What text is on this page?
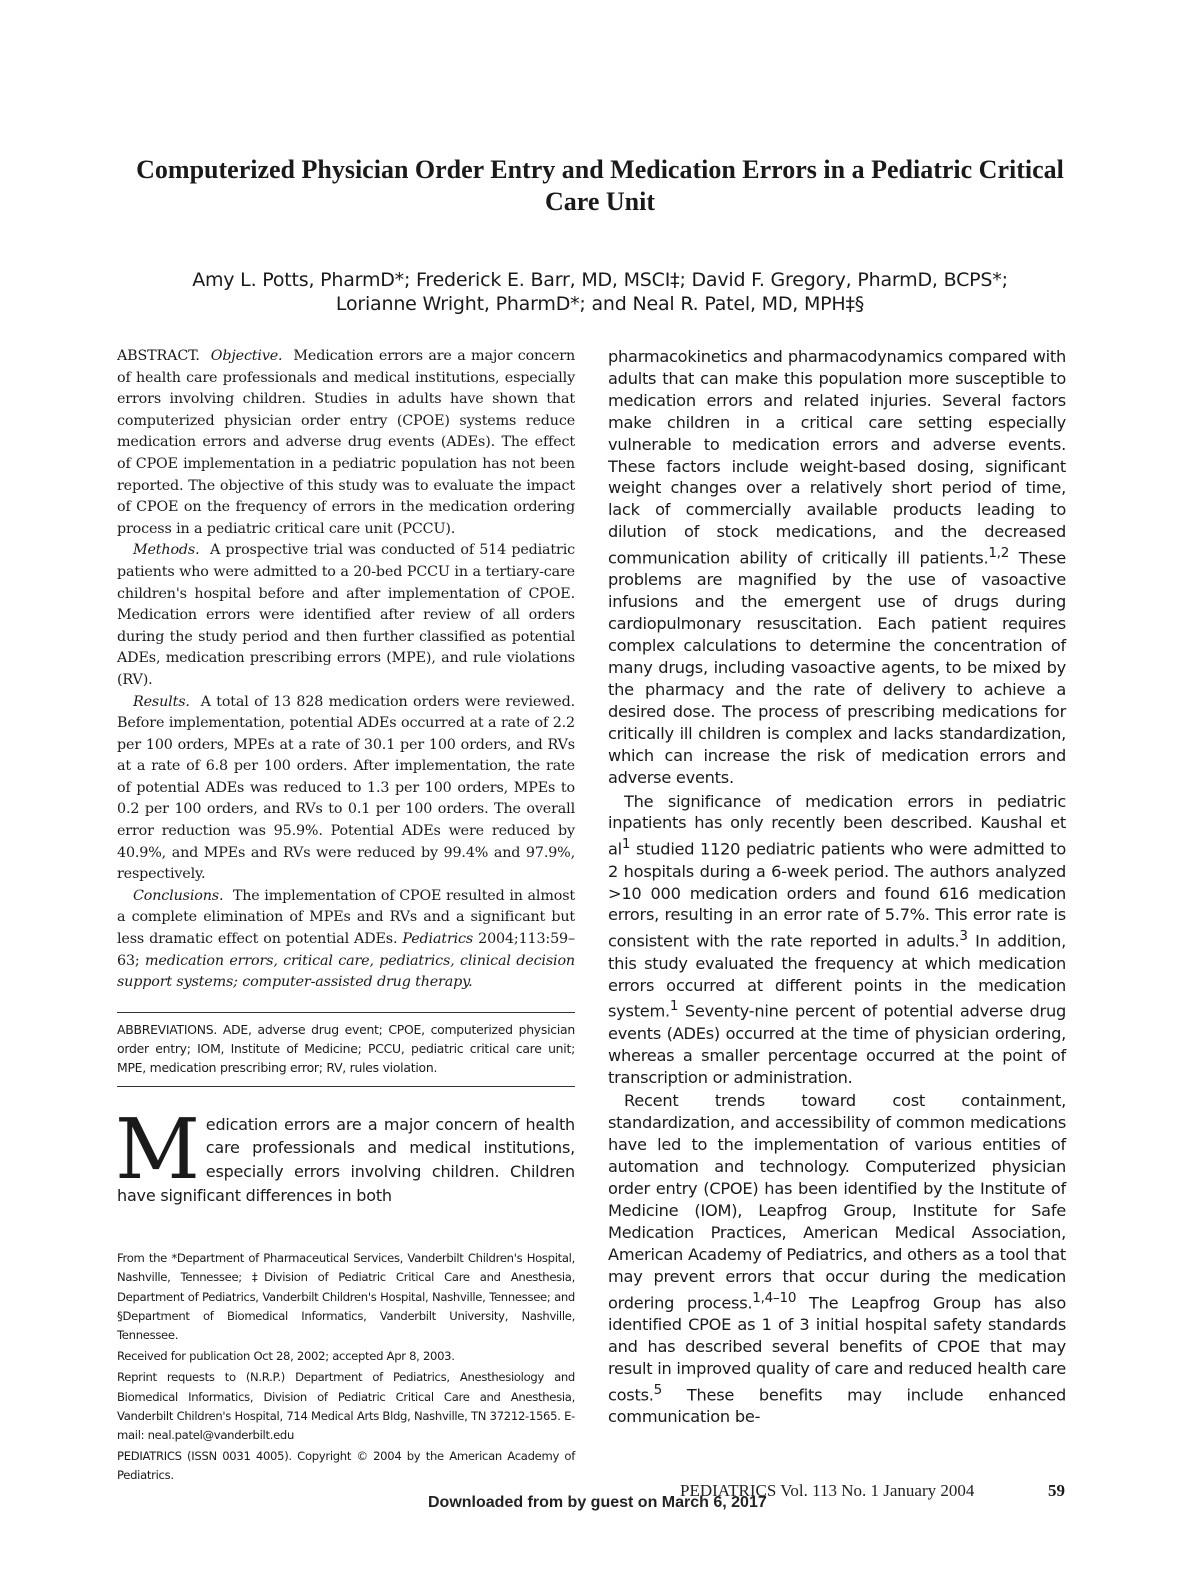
Computerized Physician Order Entry and Medication Errors in a Pediatric Critical Care Unit
Amy L. Potts, PharmD*; Frederick E. Barr, MD, MSCI‡; David F. Gregory, PharmD, BCPS*;
Lorianne Wright, PharmD*; and Neal R. Patel, MD, MPH‡§

ABSTRACT. Objective. Medication errors are a major concern of health care professionals and medical institutions, especially errors involving children. Studies in adults have shown that computerized physician order entry (CPOE) systems reduce medication errors and adverse drug events (ADEs). The effect of CPOE implementation in a pediatric population has not been reported. The objective of this study was to evaluate the impact of CPOE on the frequency of errors in the medication ordering process in a pediatric critical care unit (PCCU).

Methods. A prospective trial was conducted of 514 pediatric patients who were admitted to a 20-bed PCCU in a tertiary-care children's hospital before and after implementation of CPOE. Medication errors were identified after review of all orders during the study period and then further classified as potential ADEs, medication prescribing errors (MPE), and rule violations (RV).

Results. A total of 13 828 medication orders were reviewed. Before implementation, potential ADEs occurred at a rate of 2.2 per 100 orders, MPEs at a rate of 30.1 per 100 orders, and RVs at a rate of 6.8 per 100 orders. After implementation, the rate of potential ADEs was reduced to 1.3 per 100 orders, MPEs to 0.2 per 100 orders, and RVs to 0.1 per 100 orders. The overall error reduction was 95.9%. Potential ADEs were reduced by 40.9%, and MPEs and RVs were reduced by 99.4% and 97.9%, respectively.

Conclusions. The implementation of CPOE resulted in almost a complete elimination of MPEs and RVs and a significant but less dramatic effect on potential ADEs. Pediatrics 2004;113:59–63; medication errors, critical care, pediatrics, clinical decision support systems; computer-assisted drug therapy.

ABBREVIATIONS. ADE, adverse drug event; CPOE, computerized physician order entry; IOM, Institute of Medicine; PCCU, pediatric critical care unit; MPE, medication prescribing error; RV, rules violation.
Medication errors are a major concern of health care professionals and medical institutions, especially errors involving children. Children have significant differences in both

From the *Department of Pharmaceutical Services, Vanderbilt Children's Hospital, Nashville, Tennessee; ‡Division of Pediatric Critical Care and Anesthesia, Department of Pediatrics, Vanderbilt Children's Hospital, Nashville, Tennessee; and §Department of Biomedical Informatics, Vanderbilt University, Nashville, Tennessee.

Received for publication Oct 28, 2002; accepted Apr 8, 2003.

Reprint requests to (N.R.P.) Department of Pediatrics, Anesthesiology and Biomedical Informatics, Division of Pediatric Critical Care and Anesthesia, Vanderbilt Children's Hospital, 714 Medical Arts Bldg, Nashville, TN 37212-1565. E-mail: neal.patel@vanderbilt.edu

PEDIATRICS (ISSN 0031 4005). Copyright © 2004 by the American Academy of Pediatrics.

pharmacokinetics and pharmacodynamics compared with adults that can make this population more susceptible to medication errors and related injuries. Several factors make children in a critical care setting especially vulnerable to medication errors and adverse events. These factors include weight-based dosing, significant weight changes over a relatively short period of time, lack of commercially available products leading to dilution of stock medications, and the decreased communication ability of critically ill patients.$^{1,2}$ These problems are magnified by the use of vasoactive infusions and the emergent use of drugs during cardiopulmonary resuscitation. Each patient requires complex calculations to determine the concentration of many drugs, including vasoactive agents, to be mixed by the pharmacy and the rate of delivery to achieve a desired dose. The process of prescribing medications for critically ill children is complex and lacks standardization, which can increase the risk of medication errors and adverse events.

The significance of medication errors in pediatric inpatients has only recently been described. Kaushal et $al^1$ studied 1120 pediatric patients who were admitted to 2 hospitals during a 6-week period. The authors analyzed >10 000 medication orders and found 616 medication errors, resulting in an error rate of 5.7%. This error rate is consistent with the rate reported in adults.$^3$ In addition, this study evaluated the frequency at which medication errors occurred at different points in the medication system.$^1$ Seventy-nine percent of potential adverse drug events (ADEs) occurred at the time of physician ordering, whereas a smaller percentage occurred at the point of transcription or administration.

Recent trends toward cost containment, standardization, and accessibility of common medications have led to the implementation of various entities of automation and technology. Computerized physician order entry (CPOE) has been identified by the Institute of Medicine (IOM), Leapfrog Group, Institute for Safe Medication Practices, American Medical Association, American Academy of Pediatrics, and others as a tool that may prevent errors that occur during the medication ordering process.$^{1,4-10}$ The Leapfrog Group has also identified CPOE as 1 of 3 initial hospital safety standards and has described several benefits of CPOE that may result in improved quality of care and reduced health care costs.$^5$ These benefits may include enhanced communication be-

PEDIATRICS Vol. 113 No. 1 January 2004	59
Downloaded from by guest on March 6, 2017
